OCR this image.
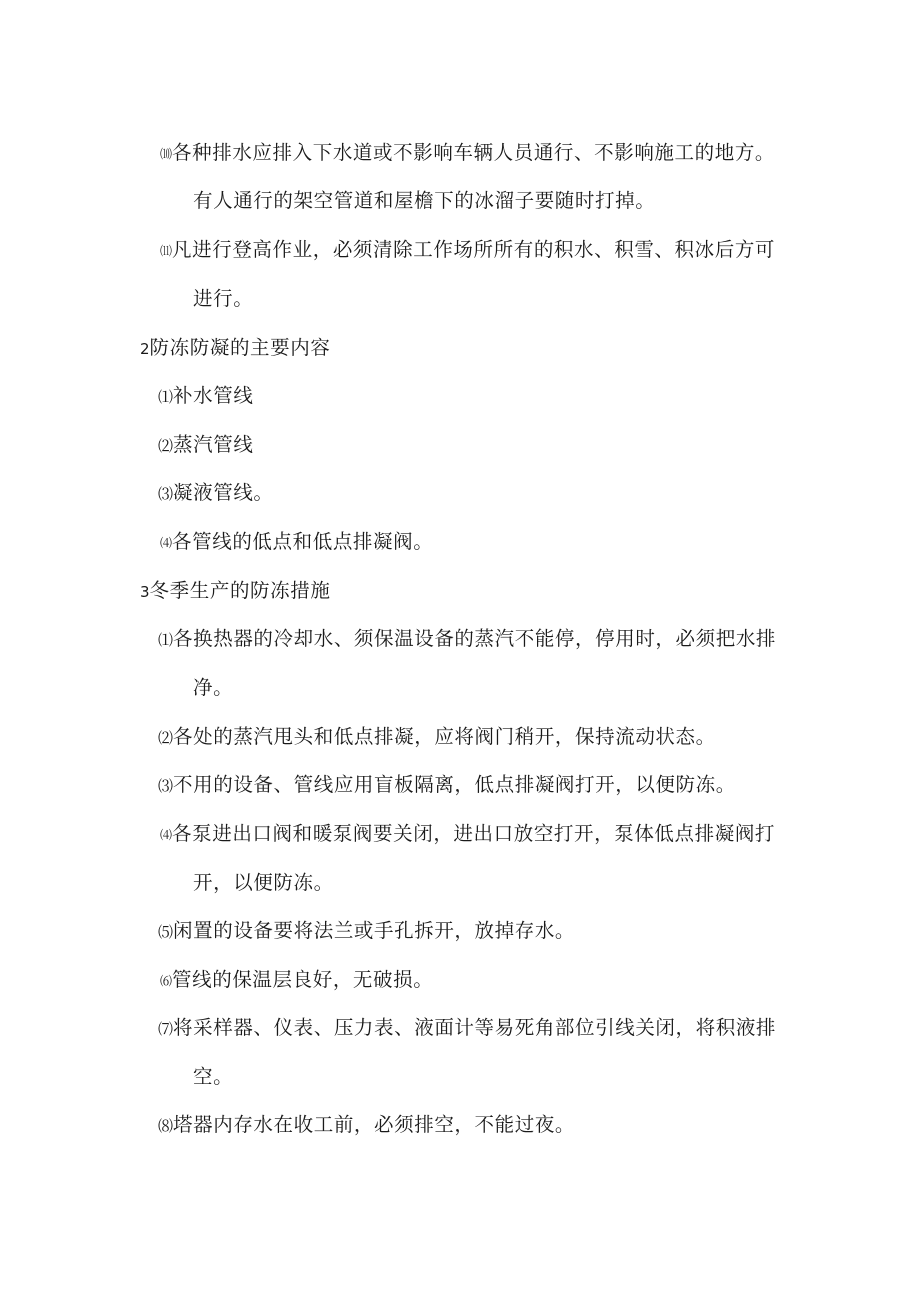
⑽各种排水应排入下水道或不影响车辆人员通行、不影响施工的地方。
有人通行的架空管道和屋檐下的冰溜子要随时打掉。
⑾凡进行登高作业，必须清除工作场所所有的积水、积雪、积冰后方可
进行。
2防冻防凝的主要内容
⑴补水管线
⑵蒸汽管线
⑶凝液管线。
⑷各管线的低点和低点排凝阀。
3冬季生产的防冻措施
⑴各换热器的冷却水、须保温设备的蒸汽不能停，停用时，必须把水排
净。
⑵各处的蒸汽甩头和低点排凝，应将阀门稍开，保持流动状态。
⑶不用的设备、管线应用盲板隔离，低点排凝阀打开，以便防冻。
⑷各泵进出口阀和暖泵阀要关闭，进出口放空打开，泵体低点排凝阀打
开，以便防冻。
⑸闲置的设备要将法兰或手孔拆开，放掉存水。
⑹管线的保温层良好，无破损。
⑺将采样器、仪表、压力表、液面计等易死角部位引线关闭，将积液排
空。
⑻塔器内存水在收工前，必须排空，不能过夜。
